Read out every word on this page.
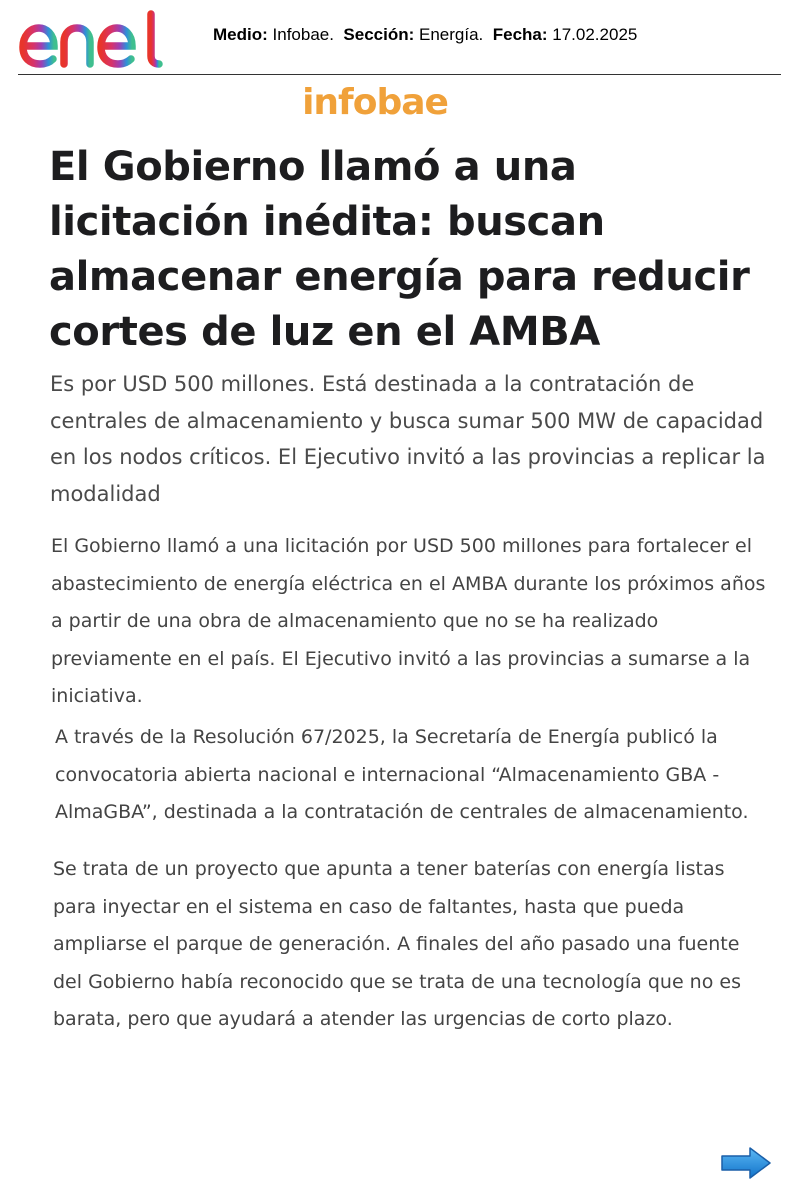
Medio: Infobae. Sección: Energía. Fecha: 17.02.2025
infobae
El Gobierno llamó a una licitación inédita: buscan almacenar energía para reducir cortes de luz en el AMBA

Es por USD 500 millones. Está destinada a la contratación de centrales de almacenamiento y busca sumar 500 MW de capacidad en los nodos críticos. El Ejecutivo invitó a las provincias a replicar la modalidad

El Gobierno llamó a una licitación por USD 500 millones para fortalecer el abastecimiento de energía eléctrica en el AMBA durante los próximos años a partir de una obra de almacenamiento que no se ha realizado previamente en el país. El Ejecutivo invitó a las provincias a sumarse a la iniciativa.

A través de la Resolución 67/2025, la Secretaría de Energía publicó la convocatoria abierta nacional e internacional “Almacenamiento GBA - AlmaGBA”, destinada a la contratación de centrales de almacenamiento.

Se trata de un proyecto que apunta a tener baterías con energía listas para inyectar en el sistema en caso de faltantes, hasta que pueda ampliarse el parque de generación. A finales del año pasado una fuente del Gobierno había reconocido que se trata de una tecnología que no es barata, pero que ayudará a atender las urgencias de corto plazo.
